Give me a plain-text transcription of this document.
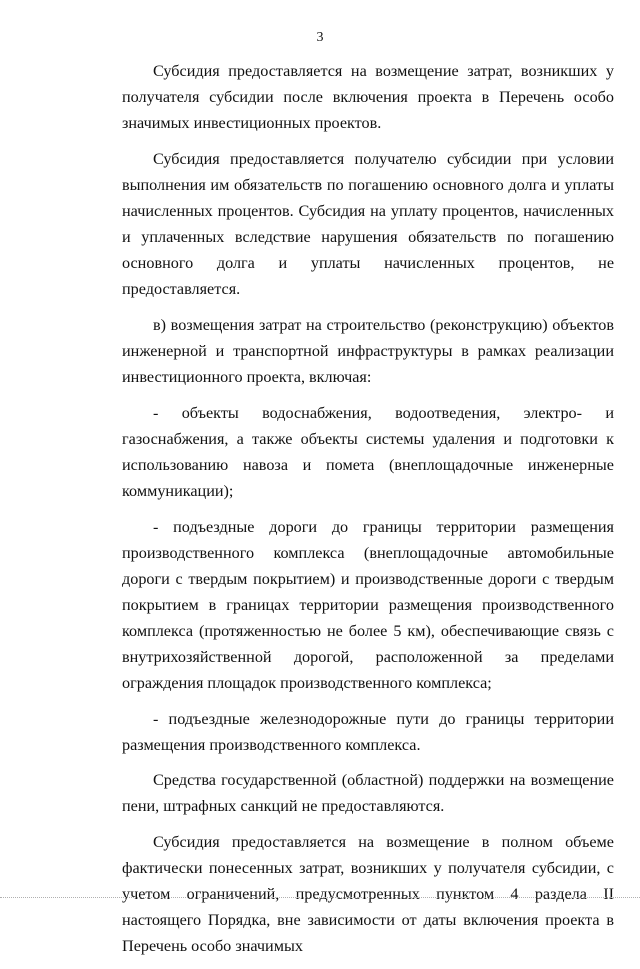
3

Субсидия предоставляется на возмещение затрат, возникших у получателя субсидии после включения проекта в Перечень особо значимых инвестиционных проектов.

Субсидия предоставляется получателю субсидии при условии выполнения им обязательств по погашению основного долга и уплаты начисленных процентов. Субсидия на уплату процентов, начисленных и уплаченных вследствие нарушения обязательств по погашению основного долга и уплаты начисленных процентов, не предоставляется.

в) возмещения затрат на строительство (реконструкцию) объектов инженерной и транспортной инфраструктуры в рамках реализации инвестиционного проекта, включая:

- объекты водоснабжения, водоотведения, электро- и газоснабжения, а также объекты системы удаления и подготовки к использованию навоза и помета (внеплощадочные инженерные коммуникации);

- подъездные дороги до границы территории размещения производственного комплекса (внеплощадочные автомобильные дороги с твердым покрытием) и производственные дороги с твердым покрытием в границах территории размещения производственного комплекса (протяженностью не более 5 км), обеспечивающие связь с внутрихозяйственной дорогой, расположенной за пределами ограждения площадок производственного комплекса;

- подъездные железнодорожные пути до границы территории размещения производственного комплекса.

Средства государственной (областной) поддержки на возмещение пени, штрафных санкций не предоставляются.

Субсидия предоставляется на возмещение в полном объеме фактически понесенных затрат, возникших у получателя субсидии, с учетом ограничений, предусмотренных пунктом 4 раздела II настоящего Порядка, вне зависимости от даты включения проекта в Перечень особо значимых
